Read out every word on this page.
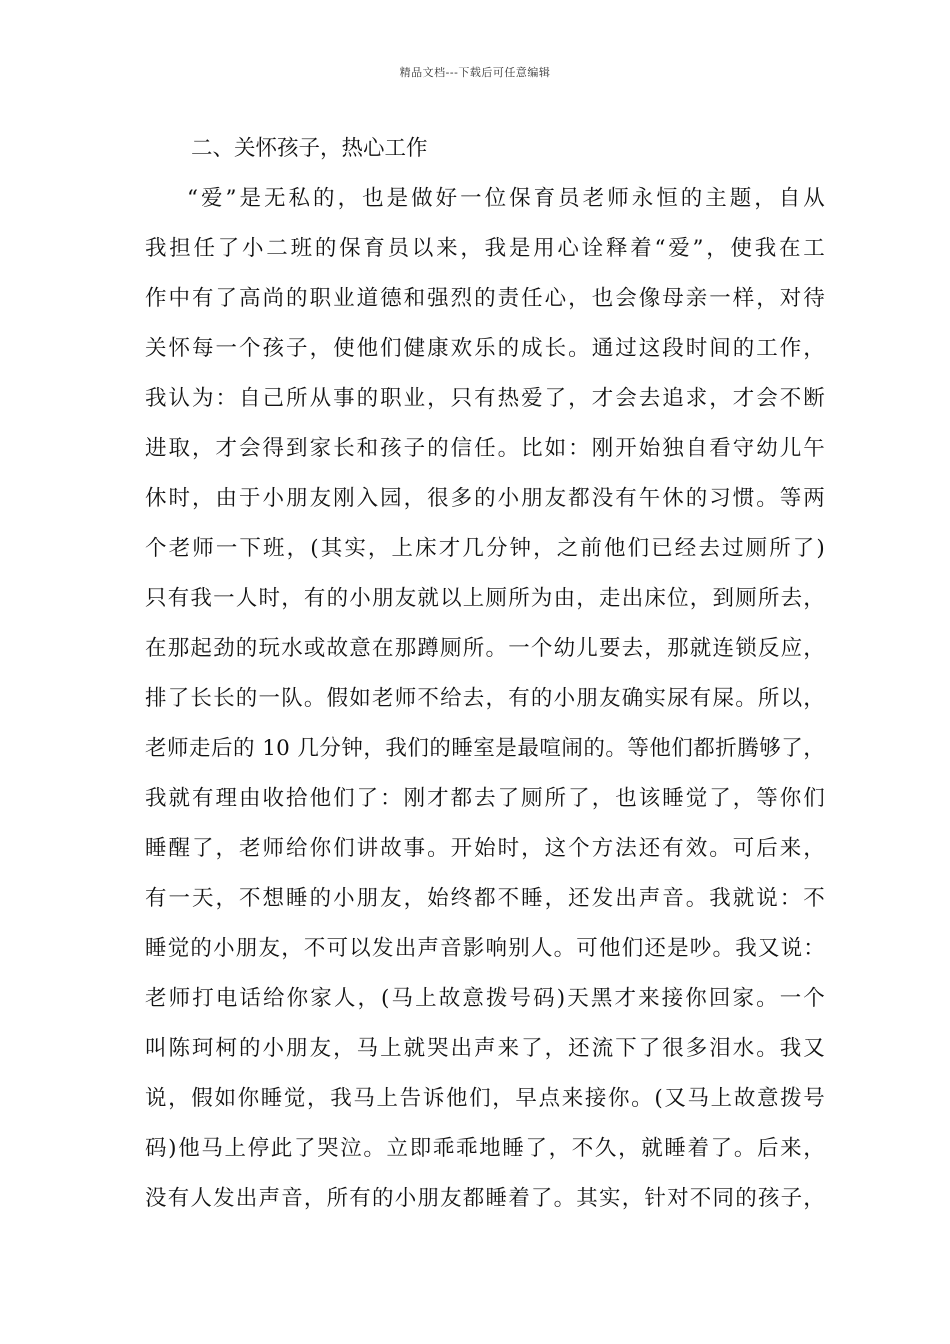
精品文档---下载后可任意编辑
二、关怀孩子，热心工作
“爱”是无私的，也是做好一位保育员老师永恒的主题，自从
我担任了小二班的保育员以来，我是用心诠释着“爱”，使我在工
作中有了高尚的职业道德和强烈的责任心，也会像母亲一样，对待
关怀每一个孩子，使他们健康欢乐的成长。通过这段时间的工作，
我认为：自己所从事的职业，只有热爱了，才会去追求，才会不断
进取，才会得到家长和孩子的信任。比如：刚开始独自看守幼儿午
休时，由于小朋友刚入园，很多的小朋友都没有午休的习惯。等两
个老师一下班，(其实，上床才几分钟，之前他们已经去过厕所了)
只有我一人时，有的小朋友就以上厕所为由，走出床位，到厕所去，
在那起劲的玩水或故意在那蹲厕所。一个幼儿要去，那就连锁反应，
排了长长的一队。假如老师不给去，有的小朋友确实尿有屎。所以，
老师走后的 10 几分钟，我们的睡室是最喧闹的。等他们都折腾够了，
我就有理由收拾他们了：刚才都去了厕所了，也该睡觉了，等你们
睡醒了，老师给你们讲故事。开始时，这个方法还有效。可后来，
有一天，不想睡的小朋友，始终都不睡，还发出声音。我就说：不
睡觉的小朋友，不可以发出声音影响别人。可他们还是吵。我又说：
老师打电话给你家人，(马上故意拨号码)天黑才来接你回家。一个
叫陈珂柯的小朋友，马上就哭出声来了，还流下了很多泪水。我又
说，假如你睡觉，我马上告诉他们，早点来接你。(又马上故意拨号
码)他马上停此了哭泣。立即乖乖地睡了，不久，就睡着了。后来，
没有人发出声音，所有的小朋友都睡着了。其实，针对不同的孩子，
